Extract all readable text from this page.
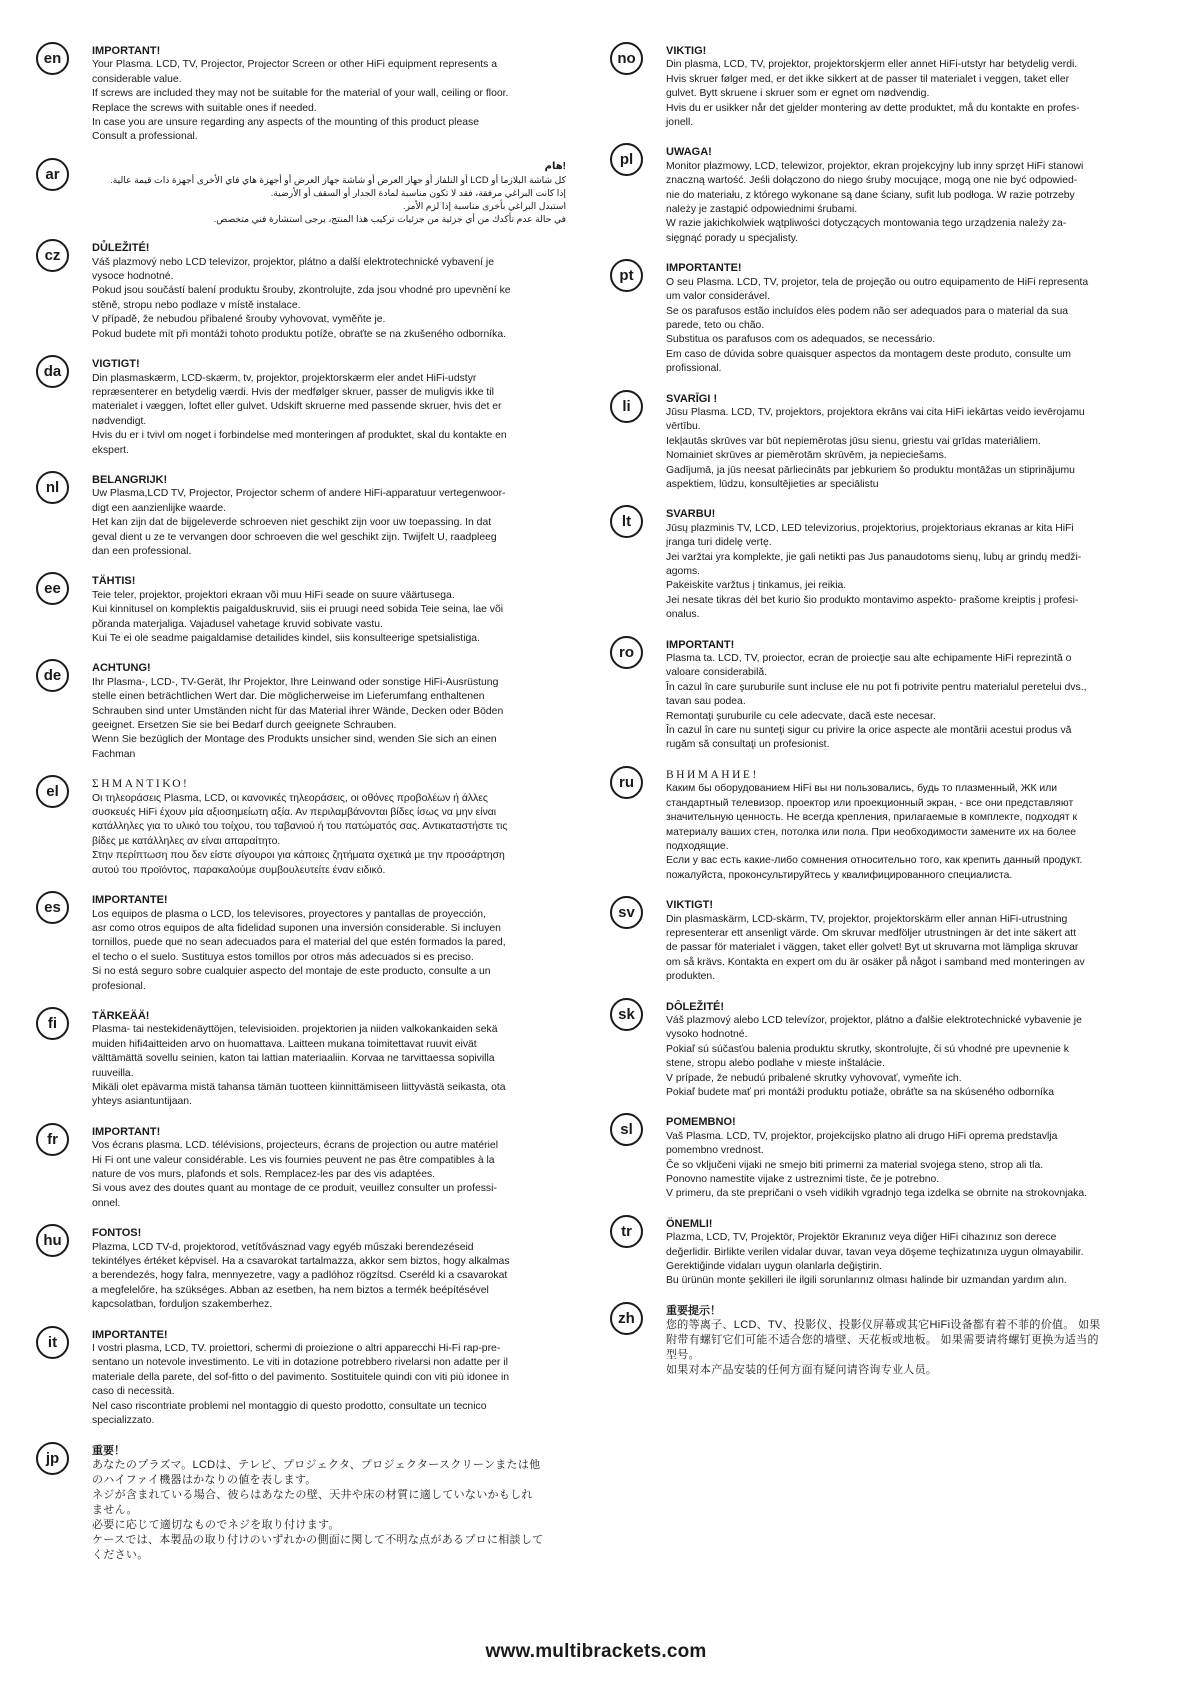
en	IMPORTANT!
Your Plasma. LCD, TV, Projector, Projector Screen or other HiFi equipment represents a
considerable value.
If screws are included they may not be suitable for the material of your wall, ceiling or floor.
Replace the screws with suitable ones if needed.
In case you are unsure regarding any aspects of the mounting of this product please
Consult a professional.
ar	!هام
كل شاشة البلازما أو LCD أو التلفاز أو جهاز العرض أو شاشة جهاز العرض أو أجهزة هاي فاي الأخرى أجهزة ذات قيمة عالية.
إذا كانت البراغي مرفقة، فقد لا تكون مناسبة لمادة الجدار أو السقف أو الأرضية.
استبدل البراغي بأخرى مناسبة إذا لزم الأمر.
في حالة عدم تأكدك من أي جزئية من جزئيات تركيب هذا المنتج، يرجى استشارة فني متخصص.
cz	DŮLEŽITÉ!
Váš plazmový nebo LCD televizor, projektor, plátno a další elektrotechnické vybavení je
vysoce hodnotné.
Pokud jsou součástí balení produktu šrouby, zkontrolujte, zda jsou vhodné pro upevnění ke
stěně, stropu nebo podlaze v místě instalace.
V případě, že nebudou přibalené šrouby vyhovovat, vyměňte je.
Pokud budete mít při montáži tohoto produktu potíže, obraťte se na zkušeného odborníka.
da	VIGTIGT!
Din plasmaskærm, LCD-skærm, tv, projektor, projektorskærm eler andet HiFi-udstyr
repræsenterer en betydelig værdi. Hvis der medfølger skruer, passer de muligvis ikke til
materialet i væggen, loftet eller gulvet. Udskift skruerne med passende skruer, hvis det er
nødvendigt.
Hvis du er i tvivl om noget i forbindelse med monteringen af produktet, skal du kontakte en
ekspert.
nl	BELANGRIJK!
Uw Plasma,LCD TV, Projector, Projector scherm of andere HiFi-apparatuur vertegenwoor-
digt een aanzienlijke waarde.
Het kan zijn dat de bijgeleverde schroeven niet geschikt zijn voor uw toepassing. In dat
geval dient u ze te vervangen door schroeven die wel geschikt zijn. Twijfelt U, raadpleeg
dan een professional.
ee	TÄHTIS!
Teie teler, projektor, projektori ekraan või muu HiFi seade on suure väärtusega.
Kui kinnitusel on komplektis paigalduskruvid, siis ei pruugi need sobida Teie seina, lae või
põranda materjaliga. Vajadusel vahetage kruvid sobivate vastu.
Kui Te ei ole seadme paigaldamise detailides kindel, siis konsulteerige spetsialistiga.
de	ACHTUNG!
Ihr Plasma-, LCD-, TV-Gerät, Ihr Projektor, Ihre Leinwand oder sonstige HiFi-Ausrüstung
stelle einen beträchtlichen Wert dar. Die möglicherweise im Lieferumfang enthaltenen
Schrauben sind unter Umständen nicht für das Material ihrer Wände, Decken oder Böden
geeignet. Ersetzen Sie sie bei Bedarf durch geeignete Schrauben.
Wenn Sie bezüglich der Montage des Produkts unsicher sind, wenden Sie sich an einen
Fachman
el	ΣΗΜΑΝΤΙΚΟ!
Οι τηλεοράσεις Plasma, LCD, οι κανονικές τηλεοράσεις, οι οθόνες προβολέων ή άλλες
συσκευές HiFi έχουν μία αξιοσημείωτη αξία. Αν περιλαμβάνονται βίδες ίσως να μην είναι
κατάλληλες για το υλικό του τοίχου, του ταβανιού ή του πατώματός σας. Αντικαταστήστε τις
βίδες με κατάλληλες αν είναι απαραίτητο.
Στην περίπτωση που δεν είστε σίγουροι για κάποιες ζητήματα σχετικά με την προσάρτηση
αυτού του προϊόντος, παρακαλούμε συμβουλευτείτε έναν ειδικό.
es	IMPORTANTE!
Los equipos de plasma o LCD, los televisores, proyectores y pantallas de proyección,
asr como otros equipos de alta fidelidad suponen una inversión considerable. Si incluyen
tornillos, puede que no sean adecuados para el material del que estén formados la pared,
el techo o el suelo. Sustituya estos tomillos por otros más adecuados si es preciso.
Si no está seguro sobre cualquier aspecto del montaje de este producto, consulte a un
profesional.
fi	TÄRKEÄÄ!
Plasma- tai nestekidenäyttöjen, televisioiden. projektorien ja niiden valkokankaiden sekä
muiden hifi4aitteiden arvo on huomattava. Laitteen mukana toimitettavat ruuvit eivät
välttämättä sovellu seinien, katon tai lattian materiaaliin. Korvaa ne tarvittaessa sopivilla
ruuveilla.
Mikäli olet epävarma mistä tahansa tämän tuotteen kiinnittämiseen liittyvästä seikasta, ota
yhteys asiantuntijaan.
fr	IMPORTANT!
Vos écrans plasma. LCD. télévisions, projecteurs, écrans de projection ou autre matériel
Hi Fi ont une valeur considérable. Les vis fournies peuvent ne pas être compatibles à la
nature de vos murs, plafonds et sols. Remplacez-les par des vis adaptées.
Si vous avez des doutes quant au montage de ce produit, veuillez consulter un professi-
onnel.
hu	FONTOS!
Plazma, LCD TV-d, projektorod, vetítővásznad vagy egyéb műszaki berendezéseid
tekintélyes értéket képvisel. Ha a csavarokat tartalmazza, akkor sem biztos, hogy alkalmas
a berendezés, hogy falra, mennyezetre, vagy a padlóhoz rögzítsd. Cseréld ki a csavarokat
a megfelelőre, ha szükséges. Abban az esetben, ha nem biztos a termék beépítésével
kapcsolatban, forduljon szakemberhez.
it	IMPORTANTE!
I vostri plasma, LCD, TV. proiettori, schermi di proiezione o altri apparecchi Hi-Fi rap-pre-
sentano un notevole investimento. Le viti in dotazione potrebbero rivelarsi non adatte per il
materiale della parete, del sof-fitto o del pavimento. Sostituitele quindi con viti più idonee in
caso di necessità.
Nel caso riscontriate problemi nel montaggio di questo prodotto, consultate un tecnico
specializzato.
jp	重要！
あなたのプラズマ。LCDは、テレビ、プロジェクタ、プロジェクタースクリーンまたは他
のハイファイ機器はかなりの値を表します。
ネジが含まれている場合、彼らはあなたの壁、天井や床の材質に適していないかもしれ
ません。
必要に応じて適切なものでネジを取り付けます。
ケースでは、本製品の取り付けのいずれかの側面に関して不明な点があるプロに相談して
ください。
no	VIKTIG!
Din plasma, LCD, TV, projektor, projektorskjerm eller annet HiFi-utstyr har betydelig verdi.
Hvis skruer følger med, er det ikke sikkert at de passer til materialet i veggen, taket eller
gulvet. Bytt skruene i skruer som er egnet om nødvendig.
Hvis du er usikker når det gjelder montering av dette produktet, må du kontakte en profes-
jonell.
pl	UWAGA!
Monitor plazmowy, LCD, telewizor, projektor, ekran projekcyjny lub inny sprzęt HiFi stanowi
znaczną wartość. Jeśli dołączono do niego śruby mocujące, mogą one nie być odpowied-
nie do materiału, z którego wykonane są dane ściany, sufit lub podłoga. W razie potrzeby
należy je zastąpić odpowiednimi śrubami.
W razie jakichkolwiek wątpliwości dotyczących montowania tego urządzenia należy za-
sięgnąć porady u specjalisty.
pt	IMPORTANTE!
O seu Plasma. LCD, TV, projetor, tela de projeção ou outro equipamento de HiFi representa
um valor considerável.
Se os parafusos estão incluídos eles podem não ser adequados para o material da sua
parede, teto ou chão.
Substitua os parafusos com os adequados, se necessário.
Em caso de dúvida sobre quaisquer aspectos da montagem deste produto, consulte um
profissional.
li	SVARĪGI !
Jūsu Plasma. LCD, TV, projektors, projektora ekrāns vai cita HiFi iekārtas veido ievērojamu
vērtību.
Iekļautās skrūves var būt nepiemērotas jūsu sienu, griestu vai grīdas materiāliem.
Nomainiet skrūves ar piemērotām skrūvēm, ja nepieciešams.
Gadījumā, ja jūs neesat pārliecināts par jebkuriem šo produktu montāžas un stiprinājumu
aspektiem, lūdzu, konsultējieties ar speciālistu
lt	SVARBU!
Jūsų plazminis TV, LCD, LED televizorius, projektorius, projektoriaus ekranas ar kita HiFi
įranga turi didelę vertę.
Jei varžtai yra komplekte, jie gali netikti pas Jus panaudotoms sienų, lubų ar grindų medži-
agoms.
Pakeiskite varžtus į tinkamus, jei reikia.
Jei nesate tikras dėl bet kurio šio produkto montavimo aspekto- prašome kreiptis į profesi-
onalus.
ro	IMPORTANT!
Plasma ta. LCD, TV, proiector, ecran de proiecţie sau alte echipamente HiFi reprezintă o
valoare considerabilă.
În cazul în care şuruburile sunt incluse ele nu pot fi potrivite pentru materialul peretelui dvs.,
tavan sau podea.
Remontaţi şuruburile cu cele adecvate, dacă este necesar.
În cazul în care nu sunteţi sigur cu privire la orice aspecte ale montării acestui produs vă
rugăm să consultaţi un profesionist.
ru	ВНИМАНИЕ!
Каким бы оборудованием HiFi вы ни пользовались, будь то плазменный, ЖК или
стандартный телевизор. проектор или проекционный экран, - все они представляют
значительную ценность. Не всегда крепления, прилагаемые в комплекте, подходят к
материалу ваших стен, потолка или пола. При необходимости замените их на более
подходящие.
Если у вас есть какие-либо сомнения относительно того, как крепить данный продукт.
пожалуйста, проконсультируйтесь у квалифицированного специалиста.
sv	VIKTIGT!
Din plasmaskärm, LCD-skärm, TV, projektor, projektorskärm eller annan HiFi-utrustning
representerar ett ansenligt värde. Om skruvar medföljer utrustningen är det inte säkert att
de passar för materialet i väggen, taket eller golvet! Byt ut skruvarna mot lämpliga skruvar
om så krävs. Kontakta en expert om du är osäker på något i samband med monteringen av
produkten.
sk	DÔLEŽITÉ!
Váš plazmový alebo LCD televízor, projektor, plátno a ďalšie elektrotechnické vybavenie je
vysoko hodnotné.
Pokiaľ sú súčasťou balenia produktu skrutky, skontrolujte, či sú vhodné pre upevnenie k
stene, stropu alebo podlahe v mieste inštalácie.
V prípade, že nebudú pribalené skrutky vyhovovať, vymeňte ich.
Pokiaľ budete mať pri montáži produktu potiaže, obráťte sa na skúseného odborníka
sl	POMEMBNO!
Vaš Plasma. LCD, TV, projektor, projekcijsko platno ali drugo HiFi oprema predstavlja
pomembno vrednost.
Če so vključeni vijaki ne smejo biti primerni za material svojega steno, strop ali tla.
Ponovno namestite vijake z ustreznimi tiste, če je potrebno.
V primeru, da ste prepričani o vseh vidikih vgradnjo tega izdelka se obrnite na strokovnjaka.
tr	ÖNEMLI!
Plazma, LCD, TV, Projektör, Projektör Ekranınız veya diğer HiFi cihazınız son derece
değerlidir. Birlikte verilen vidalar duvar, tavan veya döşeme teçhizatınıza uygun olmayabilir.
Gerektiğinde vidaları uygun olanlarla değiştirin.
Bu ürünün monte şekilleri ile ilgili sorunlarınız olması halinde bir uzmandan yardım alın.
zh	重要提示！
您的等离子、LCD、TV、投影仪、投影仪屏幕或其它HiFi设备都有着不菲的价值。 如果
附带有螺钉它们可能不适合您的墙壁、天花板或地板。 如果需要请将螺钉更换为适当的
型号。
如果对本产品安装的任何方面有疑问请咨询专业人员。
www.multibrackets.com
